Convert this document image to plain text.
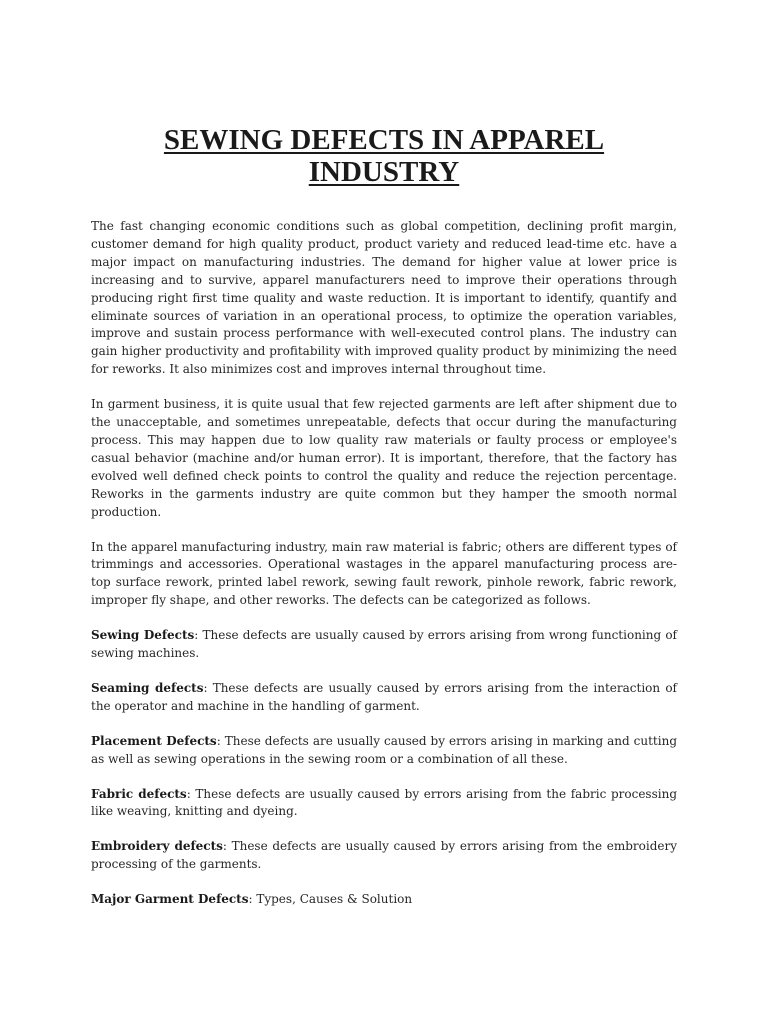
SEWING DEFECTS IN APPAREL INDUSTRY

The fast changing economic conditions such as global competition, declining profit margin, customer demand for high quality product, product variety and reduced lead-time etc. have a major impact on manufacturing industries. The demand for higher value at lower price is increasing and to survive, apparel manufacturers need to improve their operations through producing right first time quality and waste reduction. It is important to identify, quantify and eliminate sources of variation in an operational process, to optimize the operation variables, improve and sustain process performance with well-executed control plans. The industry can gain higher productivity and profitability with improved quality product by minimizing the need for reworks. It also minimizes cost and improves internal throughout time.

In garment business, it is quite usual that few rejected garments are left after shipment due to the unacceptable, and sometimes unrepeatable, defects that occur during the manufacturing process. This may happen due to low quality raw materials or faulty process or employee's casual behavior (machine and/or human error). It is important, therefore, that the factory has evolved well defined check points to control the quality and reduce the rejection percentage. Reworks in the garments industry are quite common but they hamper the smooth normal production.

In the apparel manufacturing industry, main raw material is fabric; others are different types of trimmings and accessories. Operational wastages in the apparel manufacturing process are- top surface rework, printed label rework, sewing fault rework, pinhole rework, fabric rework, improper fly shape, and other reworks. The defects can be categorized as follows.

Sewing Defects: These defects are usually caused by errors arising from wrong functioning of sewing machines.

Seaming defects: These defects are usually caused by errors arising from the interaction of the operator and machine in the handling of garment.

Placement Defects: These defects are usually caused by errors arising in marking and cutting as well as sewing operations in the sewing room or a combination of all these.

Fabric defects: These defects are usually caused by errors arising from the fabric processing like weaving, knitting and dyeing.

Embroidery defects: These defects are usually caused by errors arising from the embroidery processing of the garments.

Major Garment Defects: Types, Causes & Solution
